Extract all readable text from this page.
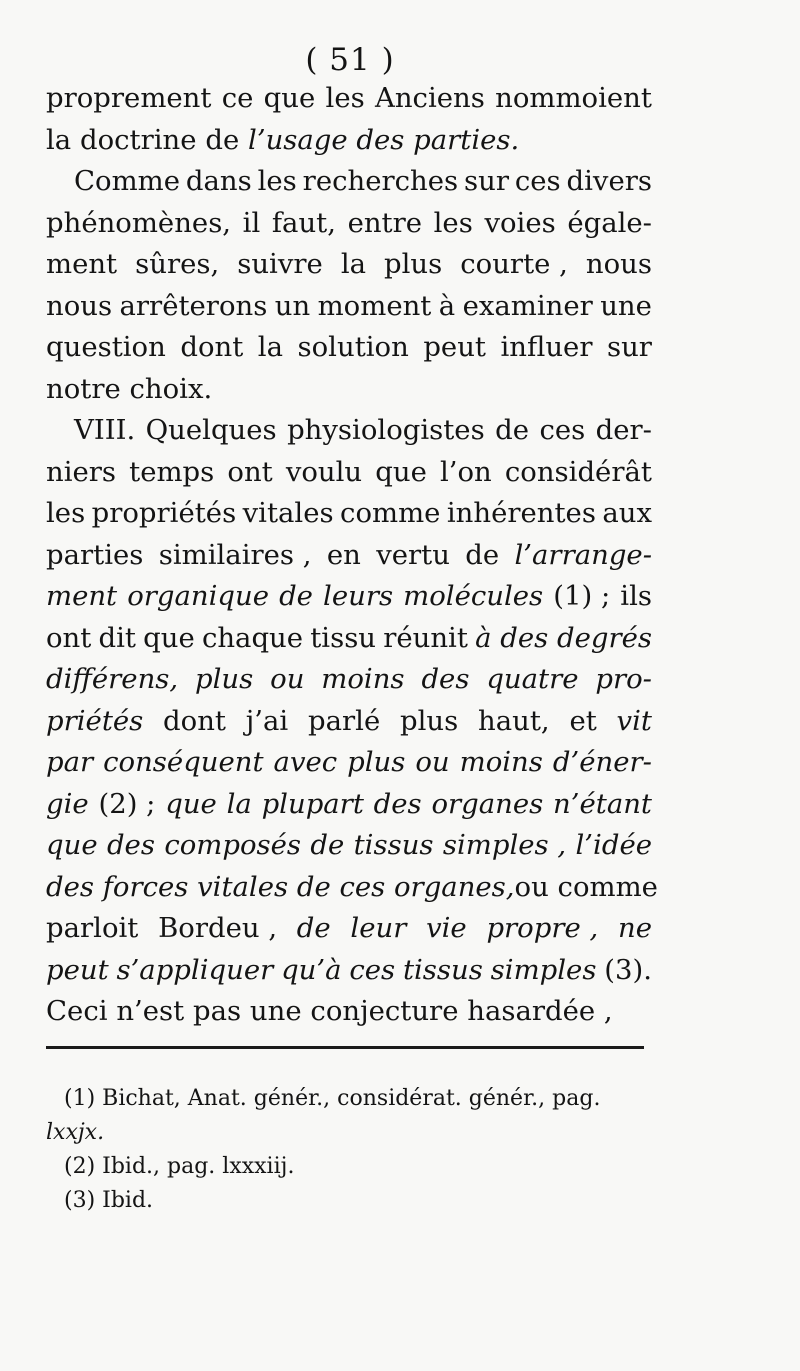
( 51 )
proprement ce que les Anciens nommoient
la doctrine de l’usage des parties.
Comme dans les recherches sur ces divers
phénomènes, il faut, entre les voies égale-
ment sûres, suivre la plus courte , nous
nous arrêterons un moment à examiner une
question dont la solution peut influer sur
notre choix.
VIII. Quelques physiologistes de ces der-
niers temps ont voulu que l’on considérât
les propriétés vitales comme inhérentes aux
parties similaires , en vertu de l’arrange-
ment organique de leurs molécules (1) ; ils
ont dit que chaque tissu réunit à des degrés
différens, plus ou moins des quatre pro-
priétés dont j’ai parlé plus haut, et vit
par conséquent avec plus ou moins d’éner-
gie (2) ; que la plupart des organes n’étant
que des composés de tissus simples , l’idée
des forces vitales de ces organes, ou comme
parloit Bordeu , de leur vie propre , ne
peut s’appliquer qu’à ces tissus simples (3).
Ceci n’est pas une conjecture hasardée ,
(1) Bichat, Anat. génér., considérat. génér., pag.
lxxjx.
(2) Ibid., pag. lxxxiij.
(3) Ibid.
